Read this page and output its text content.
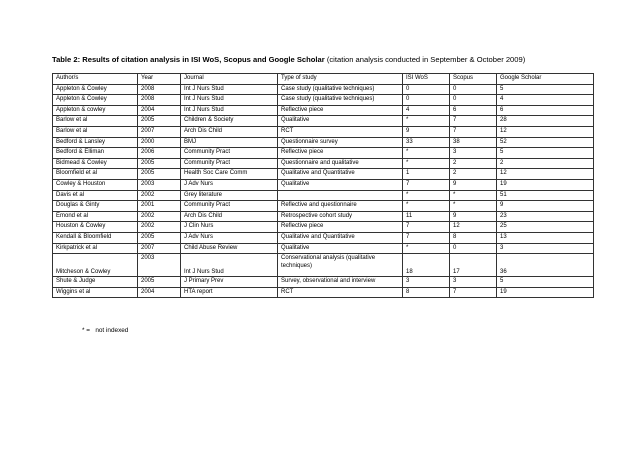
Table 2: Results of citation analysis in ISI WoS, Scopus and Google Scholar (citation analysis conducted in September & October 2009)
Author/s	Year	Journal	Type of study	ISI WoS	Scopus	Google Scholar
Appleton & Cowley	2008	Int J Nurs Stud	Case study (qualitative techniques)	0	0	5
Appleton & Cowley	2008	Int J Nurs Stud	Case study (qualitative techniques)	0	0	4
Appleton & cowley	2004	Int J Nurs Stud	Reflective piece	4	6	6
Barlow et al	2005	Children & Society	Qualitative	*	7	28
Barlow et al	2007	Arch Dis Child	RCT	9	7	12
Bedford & Lansley	2000	BMJ	Questionnaire survey	33	38	52
Bedford & Elliman	2006	Community Pract	Reflective piece	*	3	5
Bidmead & Cowley	2005	Community Pract	Questionnaire and qualitative	*	2	2
Bloomfield et al	2005	Health Soc Care Comm	Qualitative and Quantitative	1	2	12
Cowley & Houston	2003	J Adv Nurs	Qualitative	7	9	19
Davis et al	2002	Grey literature		*	*	51
Douglas & Ginty	2001	Community Pract	Reflective and questionnaire	*	*	9
Emond et al	2002	Arch Dis Child	Retrospective cohort study	11	9	23
Houston & Cowley	2002	J Clin Nurs	Reflective piece	7	12	25
Kendall & Bloomfield	2005	J Adv Nurs	Qualitative and Quantitative	7	8	13
Kirkpatrick et al	2007	Child Abuse Review	Qualitative	*	0	3
Mitcheson & Cowley	2003	Int J Nurs Stud	Conservational analysis (qualitative techniques)	18	17	36
Shute & Judge	2005	J Primary Prev	Survey, observational and interview	3	3	5
Wiggins et al	2004	HTA report	RCT	8	7	19
* =   not indexed
